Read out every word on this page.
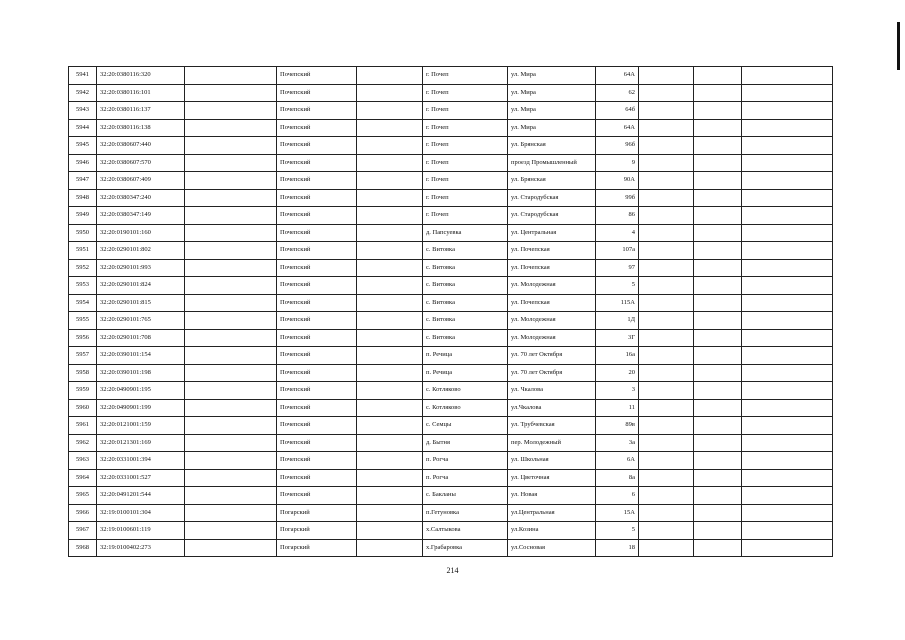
5941	32:20:0380116:320		Почепский		г. Почеп	ул. Мира	64А			
5942	32:20:0380116:101		Почепский		г. Почеп	ул. Мира	62			
5943	32:20:0380116:137		Почепский		г. Почеп	ул. Мира	64б			
5944	32:20:0380116:138		Почепский		г. Почеп	ул. Мира	64А			
5945	32:20:0380607:440		Почепский		г. Почеп	ул. Брянская	96б			
5946	32:20:0380607:570		Почепский		г. Почеп	проезд Промышленный	9			
5947	32:20:0380607:409		Почепский		г. Почеп	ул. Брянская	90А			
5948	32:20:0380347:240		Почепский		г. Почеп	ул. Стародубская	99б			
5949	32:20:0380347:149		Почепский		г. Почеп	ул. Стародубская	86			
5950	32:20:0190101:160		Почепский		д. Папсуевка	ул. Центральная	4			
5951	32:20:0290101:802		Почепский		с. Витовка	ул. Почепская	107а			
5952	32:20:0290101:993		Почепский		с. Витовка	ул. Почепская	97			
5953	32:20:0290101:824		Почепский		с. Витовка	ул. Молодежная	5			
5954	32:20:0290101:815		Почепский		с. Витовка	ул. Почепская	115А			
5955	32:20:0290101:765		Почепский		с. Витовка	ул. Молодежная	1Д			
5956	32:20:0290101:708		Почепский		с. Витовка	ул. Молодежная	3Г			
5957	32:20:0390101:154		Почепский		п. Речица	ул. 70 лет Октября	16а			
5958	32:20:0390101:198		Почепский		п. Речица	ул. 70 лет Октября	20			
5959	32:20:0490901:195		Почепский		с. Котляково	ул. Чкалова	3			
5960	32:20:0490901:199		Почепский		с. Котляково	ул.Чкалова	11			
5961	32:20:0121001:159		Почепский		с. Семцы	ул. Трубчевская	89в			
5962	32:20:0121301:169		Почепский		д. Бытня	пер. Молодежный	3а			
5963	32:20:0331001:394		Почепский		п. Рогча	ул. Школьная	6А			
5964	32:20:0331001:527		Почепский		п. Рогча	ул. Цветочная	8а			
5965	32:20:0491201:544		Почепский		с. Бакланы	ул. Новая	6			
5966	32:19:0100101:304		Погарский		п.Гетуновка	ул.Центральная	15А			
5967	32:19:0100601:119		Погарский		х.Салтыкова	ул.Козина	5			
5968	32:19:0100402:273		Погарский		х.Грабаровка	ул.Сосновая	18			
214
